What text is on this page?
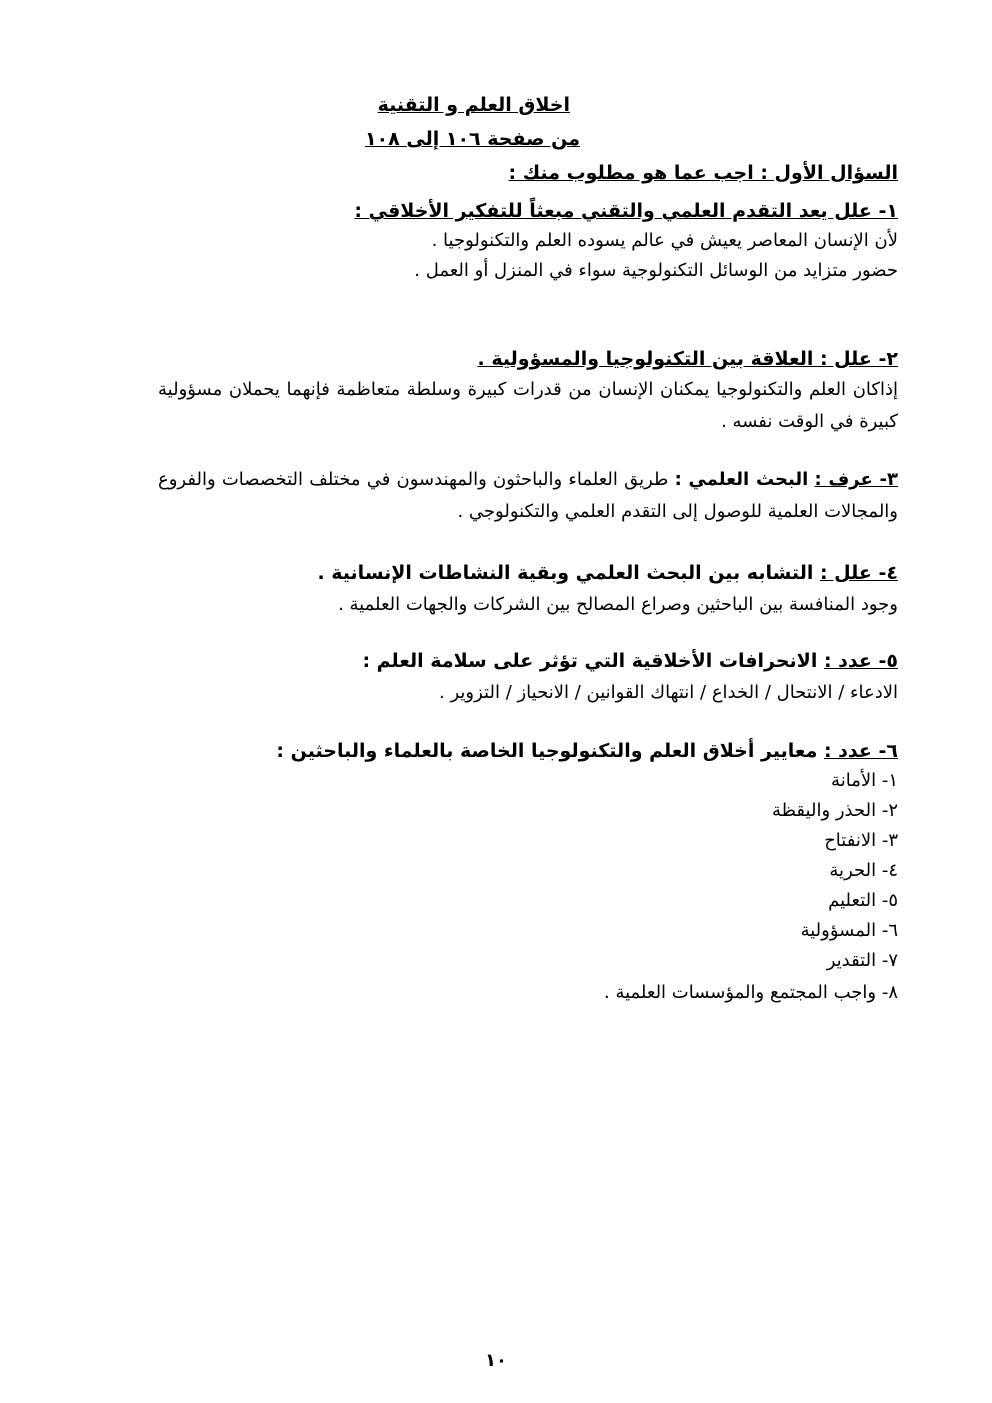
اخلاق العلم و التقنية
من صفحة ١٠٦ إلى ١٠٨
السؤال الأول : اجب عما هو مطلوب منك :
١- علل يعد التقدم العلمي والتقني مبعثاً للتفكير الأخلاقي :
لأن الإنسان المعاصر يعيش في عالم يسوده العلم والتكنولوجيا .
حضور متزايد من الوسائل التكنولوجية سواء في المنزل أو العمل .
٢- علل : العلاقة بين التكنولوجيا والمسؤولية .
إذاكان العلم والتكنولوجيا يمكنان الإنسان من قدرات كبيرة وسلطة متعاظمة فإنهما يحملان مسؤولية كبيرة في الوقت نفسه .
٣- عرف : البحث العلمي : طريق العلماء والباحثون والمهندسون في مختلف التخصصات والفروع والمجالات العلمية للوصول إلى التقدم العلمي والتكنولوجي .
٤- علل : التشابه بين البحث العلمي وبقية النشاطات الإنسانية .
وجود المنافسة بين الباحثين وصراع المصالح بين الشركات والجهات العلمية .
٥- عدد : الانحرافات الأخلاقية التي تؤثر على سلامة العلم :
الادعاء / الانتحال / الخداع / انتهاك القوانين / الانحياز / التزوير .
٦- عدد : معايير أخلاق العلم والتكنولوجيا الخاصة بالعلماء والباحثين :
١- الأمانة
٢- الحذر واليقظة
٣- الانفتاح
٤- الحرية
٥- التعليم
٦- المسؤولية
٧- التقدير
٨- واجب المجتمع والمؤسسات العلمية .
١٠
